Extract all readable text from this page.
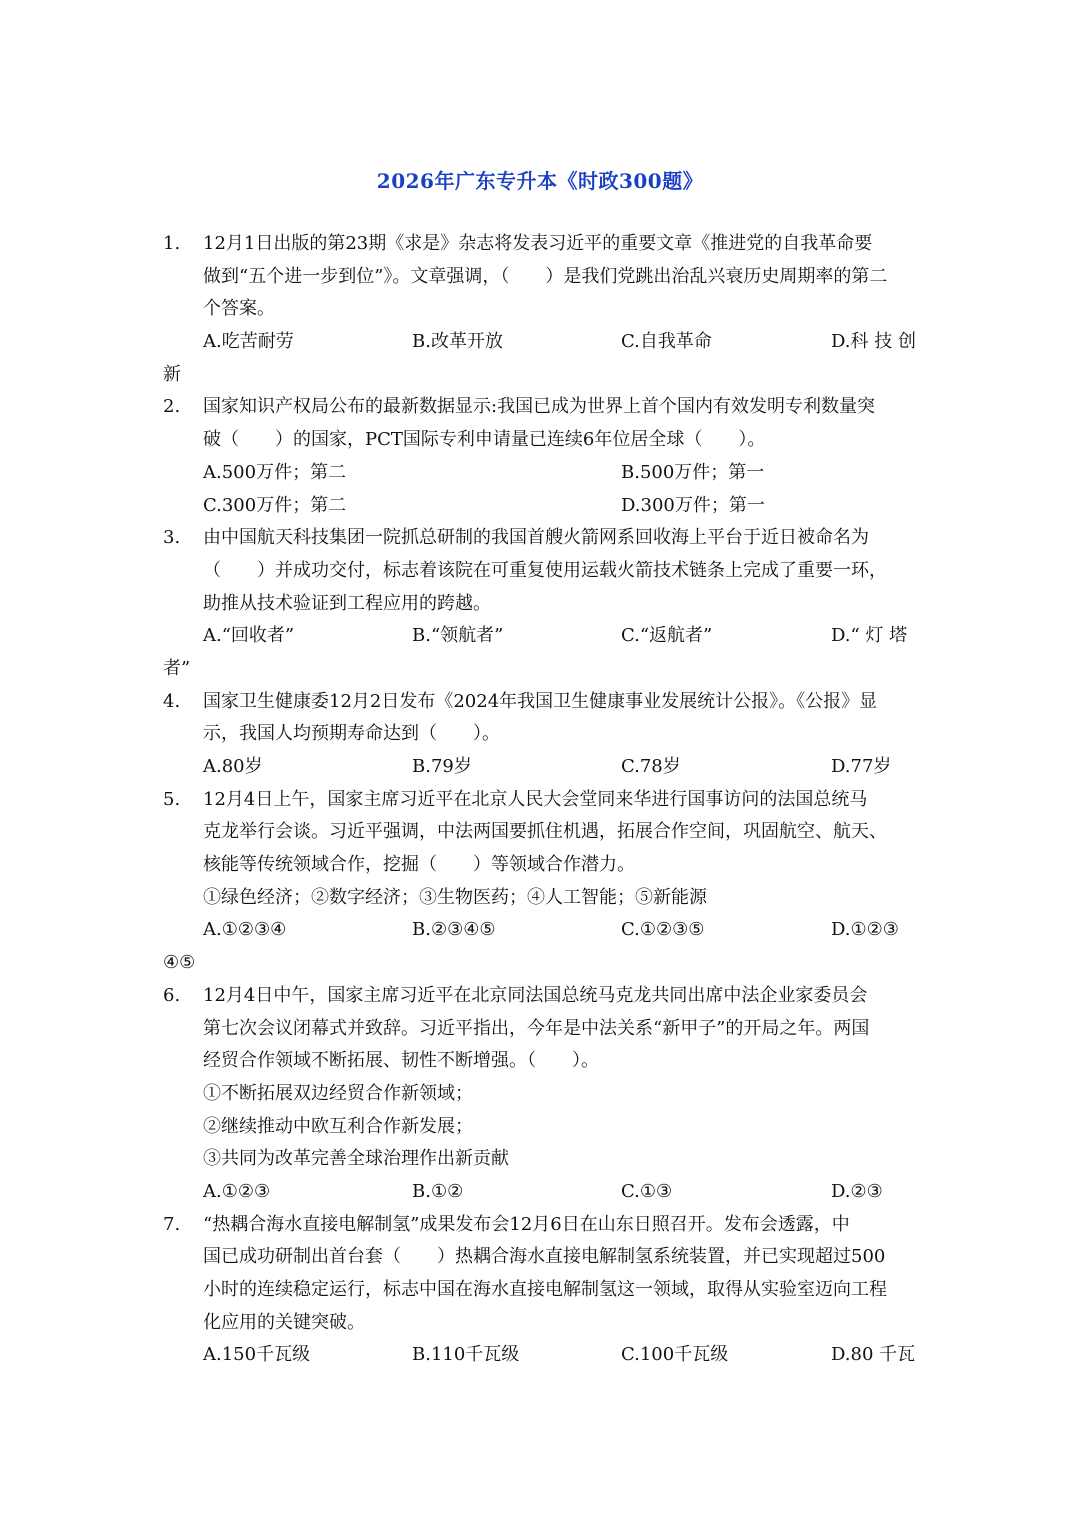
2026年广东专升本《时政300题》
1. 12月1日出版的第23期《求是》杂志将发表习近平的重要文章《推进党的自我革命要
做到“五个进一步到位”》。文章强调，（　　）是我们党跳出治乱兴衰历史周期率的第二
个答案。
A.吃苦耐劳	B.改革开放	C.自我革命	D.科 技 创
新
2. 国家知识产权局公布的最新数据显示:我国已成为世界上首个国内有效发明专利数量突
破（　　）的国家，PCT国际专利申请量已连续6年位居全球（　　）。
A.500万件；第二	B.500万件；第一
C.300万件；第二	D.300万件；第一
3. 由中国航天科技集团一院抓总研制的我国首艘火箭网系回收海上平台于近日被命名为
（　　）并成功交付，标志着该院在可重复使用运载火箭技术链条上完成了重要一环，
助推从技术验证到工程应用的跨越。
A.“回收者”	B.“领航者”	C.“返航者”	D.“ 灯 塔
者”
4. 国家卫生健康委12月2日发布《2024年我国卫生健康事业发展统计公报》。《公报》显
示，我国人均预期寿命达到（　　）。
A.80岁	B.79岁	C.78岁	D.77岁
5. 12月4日上午，国家主席习近平在北京人民大会堂同来华进行国事访问的法国总统马
克龙举行会谈。习近平强调，中法两国要抓住机遇，拓展合作空间，巩固航空、航天、
核能等传统领域合作，挖掘（　　）等领域合作潜力。
①绿色经济；②数字经济；③生物医药；④人工智能；⑤新能源
A.①②③④	B.②③④⑤	C.①②③⑤	D.①②③
④⑤
6. 12月4日中午，国家主席习近平在北京同法国总统马克龙共同出席中法企业家委员会
第七次会议闭幕式并致辞。习近平指出，今年是中法关系“新甲子”的开局之年。两国
经贸合作领域不断拓展、韧性不断增强。（　　）。
①不断拓展双边经贸合作新领域；
②继续推动中欧互利合作新发展；
③共同为改革完善全球治理作出新贡献
A.①②③	B.①②	C.①③	D.②③
7. “热耦合海水直接电解制氢”成果发布会12月6日在山东日照召开。发布会透露，中
国已成功研制出首台套（　　）热耦合海水直接电解制氢系统装置，并已实现超过500
小时的连续稳定运行，标志中国在海水直接电解制氢这一领域，取得从实验室迈向工程
化应用的关键突破。
A.150千瓦级	B.110千瓦级	C.100千瓦级	D.80 千瓦
